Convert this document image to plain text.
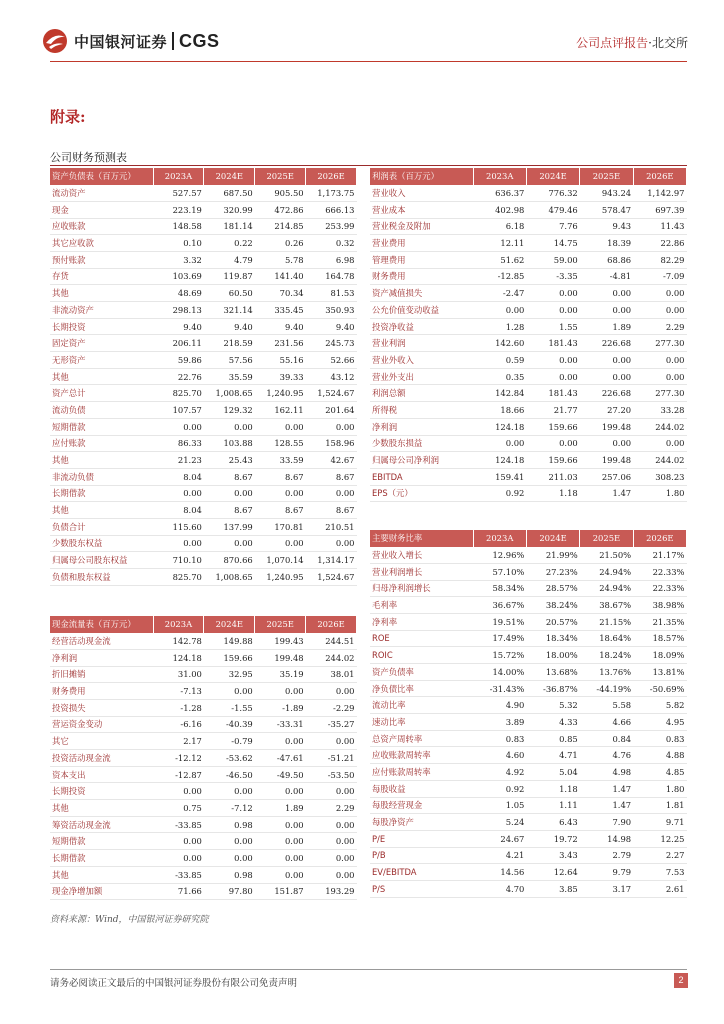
中国银河证券 CGS	公司点评报告·北交所
附录:
公司财务预测表
资产负债表（百万元）	2023A	2024E	2025E	2026E
流动资产	527.57	687.50	905.50	1,173.75
现金	223.19	320.99	472.86	666.13
应收账款	148.58	181.14	214.85	253.99
其它应收款	0.10	0.22	0.26	0.32
预付账款	3.32	4.79	5.78	6.98
存货	103.69	119.87	141.40	164.78
其他	48.69	60.50	70.34	81.53
非流动资产	298.13	321.14	335.45	350.93
长期投资	9.40	9.40	9.40	9.40
固定资产	206.11	218.59	231.56	245.73
无形资产	59.86	57.56	55.16	52.66
其他	22.76	35.59	39.33	43.12
资产总计	825.70	1,008.65	1,240.95	1,524.67
流动负债	107.57	129.32	162.11	201.64
短期借款	0.00	0.00	0.00	0.00
应付账款	86.33	103.88	128.55	158.96
其他	21.23	25.43	33.59	42.67
非流动负债	8.04	8.67	8.67	8.67
长期借款	0.00	0.00	0.00	0.00
其他	8.04	8.67	8.67	8.67
负债合计	115.60	137.99	170.81	210.51
少数股东权益	0.00	0.00	0.00	0.00
归属母公司股东权益	710.10	870.66	1,070.14	1,314.17
负债和股东权益	825.70	1,008.65	1,240.95	1,524.67
利润表（百万元）	2023A	2024E	2025E	2026E
营业收入	636.37	776.32	943.24	1,142.97
营业成本	402.98	479.46	578.47	697.39
营业税金及附加	6.18	7.76	9.43	11.43
营业费用	12.11	14.75	18.39	22.86
管理费用	51.62	59.00	68.86	82.29
财务费用	-12.85	-3.35	-4.81	-7.09
资产减值损失	-2.47	0.00	0.00	0.00
公允价值变动收益	0.00	0.00	0.00	0.00
投资净收益	1.28	1.55	1.89	2.29
营业利润	142.60	181.43	226.68	277.30
营业外收入	0.59	0.00	0.00	0.00
营业外支出	0.35	0.00	0.00	0.00
利润总额	142.84	181.43	226.68	277.30
所得税	18.66	21.77	27.20	33.28
净利润	124.18	159.66	199.48	244.02
少数股东损益	0.00	0.00	0.00	0.00
归属母公司净利润	124.18	159.66	199.48	244.02
EBITDA	159.41	211.03	257.06	308.23
EPS（元）	0.92	1.18	1.47	1.80
现金流量表（百万元）	2023A	2024E	2025E	2026E
经营活动现金流	142.78	149.88	199.43	244.51
净利润	124.18	159.66	199.48	244.02
折旧摊销	31.00	32.95	35.19	38.01
财务费用	-7.13	0.00	0.00	0.00
投资损失	-1.28	-1.55	-1.89	-2.29
营运资金变动	-6.16	-40.39	-33.31	-35.27
其它	2.17	-0.79	0.00	0.00
投资活动现金流	-12.12	-53.62	-47.61	-51.21
资本支出	-12.87	-46.50	-49.50	-53.50
长期投资	0.00	0.00	0.00	0.00
其他	0.75	-7.12	1.89	2.29
筹资活动现金流	-33.85	0.98	0.00	0.00
短期借款	0.00	0.00	0.00	0.00
长期借款	0.00	0.00	0.00	0.00
其他	-33.85	0.98	0.00	0.00
现金净增加额	71.66	97.80	151.87	193.29
主要财务比率	2023A	2024E	2025E	2026E
营业收入增长	12.96%	21.99%	21.50%	21.17%
营业利润增长	57.10%	27.23%	24.94%	22.33%
归母净利润增长	58.34%	28.57%	24.94%	22.33%
毛利率	36.67%	38.24%	38.67%	38.98%
净利率	19.51%	20.57%	21.15%	21.35%
ROE	17.49%	18.34%	18.64%	18.57%
ROIC	15.72%	18.00%	18.24%	18.09%
资产负债率	14.00%	13.68%	13.76%	13.81%
净负债比率	-31.43%	-36.87%	-44.19%	-50.69%
流动比率	4.90	5.32	5.58	5.82
速动比率	3.89	4.33	4.66	4.95
总资产周转率	0.83	0.85	0.84	0.83
应收账款周转率	4.60	4.71	4.76	4.88
应付账款周转率	4.92	5.04	4.98	4.85
每股收益	0.92	1.18	1.47	1.80
每股经营现金	1.05	1.11	1.47	1.81
每股净资产	5.24	6.43	7.90	9.71
P/E	24.67	19.72	14.98	12.25
P/B	4.21	3.43	2.79	2.27
EV/EBITDA	14.56	12.64	9.79	7.53
P/S	4.70	3.85	3.17	2.61
资料来源：Wind，中国银河证券研究院
请务必阅读正文最后的中国银河证券股份有限公司免责声明	2
